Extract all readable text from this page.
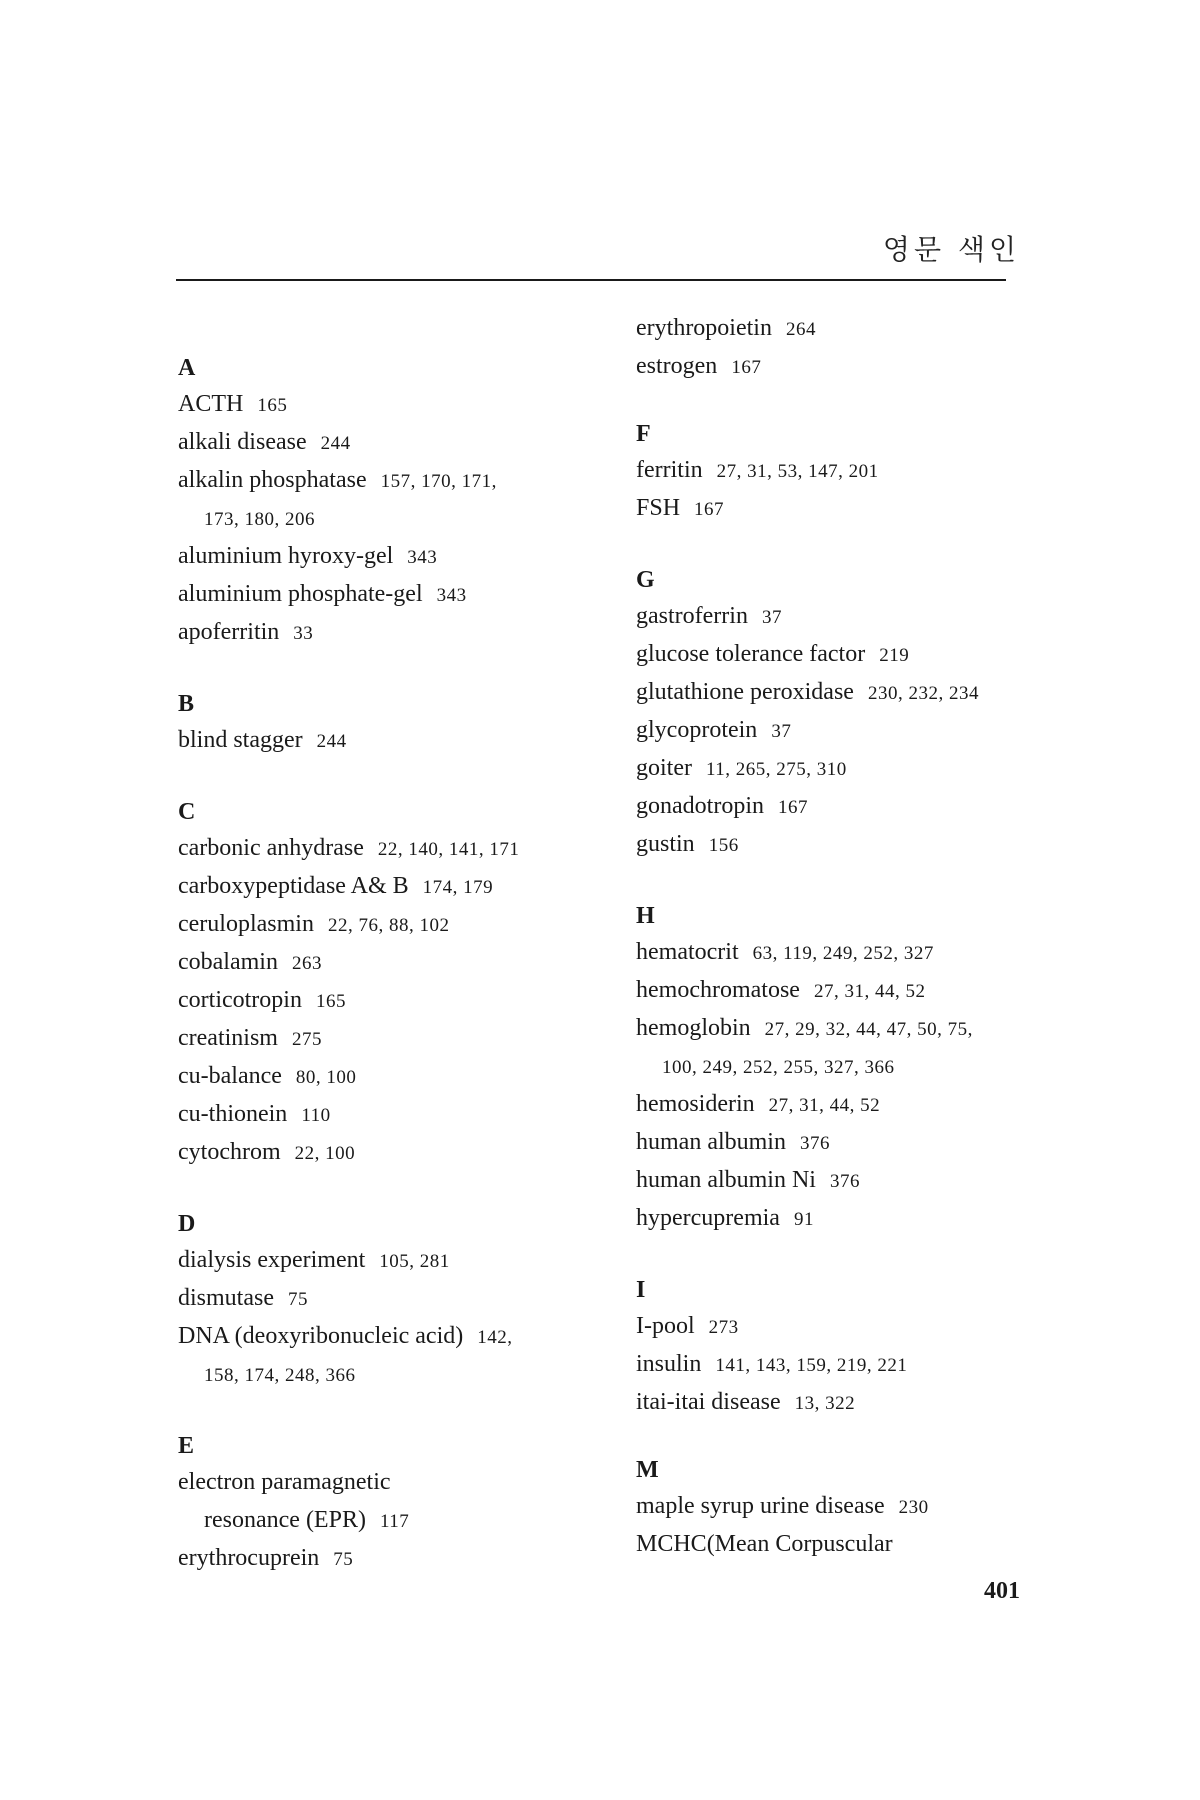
영문 색인

A

ACTH 165

alkali disease 244

alkalin phosphatase 157, 170, 171,

173, 180, 206

aluminium hyroxy-gel 343

aluminium phosphate-gel 343

apoferritin 33

B

blind stagger 244

C

carbonic anhydrase 22, 140, 141, 171

carboxypeptidase A& B 174, 179

ceruloplasmin 22, 76, 88, 102

cobalamin 263

corticotropin 165

creatinism 275

cu-balance 80, 100

cu-thionein 110

cytochrom 22, 100

D

dialysis experiment 105, 281

dismutase 75

DNA (deoxyribonucleic acid) 142,

158, 174, 248, 366

E

electron paramagnetic

resonance (EPR) 117

erythrocuprein 75

erythropoietin 264

estrogen 167

F

ferritin 27, 31, 53, 147, 201

FSH 167

G

gastroferrin 37

glucose tolerance factor 219

glutathione peroxidase 230, 232, 234

glycoprotein 37

goiter 11, 265, 275, 310

gonadotropin 167

gustin 156

H

hematocrit 63, 119, 249, 252, 327

hemochromatose 27, 31, 44, 52

hemoglobin 27, 29, 32, 44, 47, 50, 75,

100, 249, 252, 255, 327, 366

hemosiderin 27, 31, 44, 52

human albumin 376

human albumin Ni 376

hypercupremia 91

I

I-pool 273

insulin 141, 143, 159, 219, 221

itai-itai disease 13, 322

M

maple syrup urine disease 230

MCHC(Mean Corpuscular

401
